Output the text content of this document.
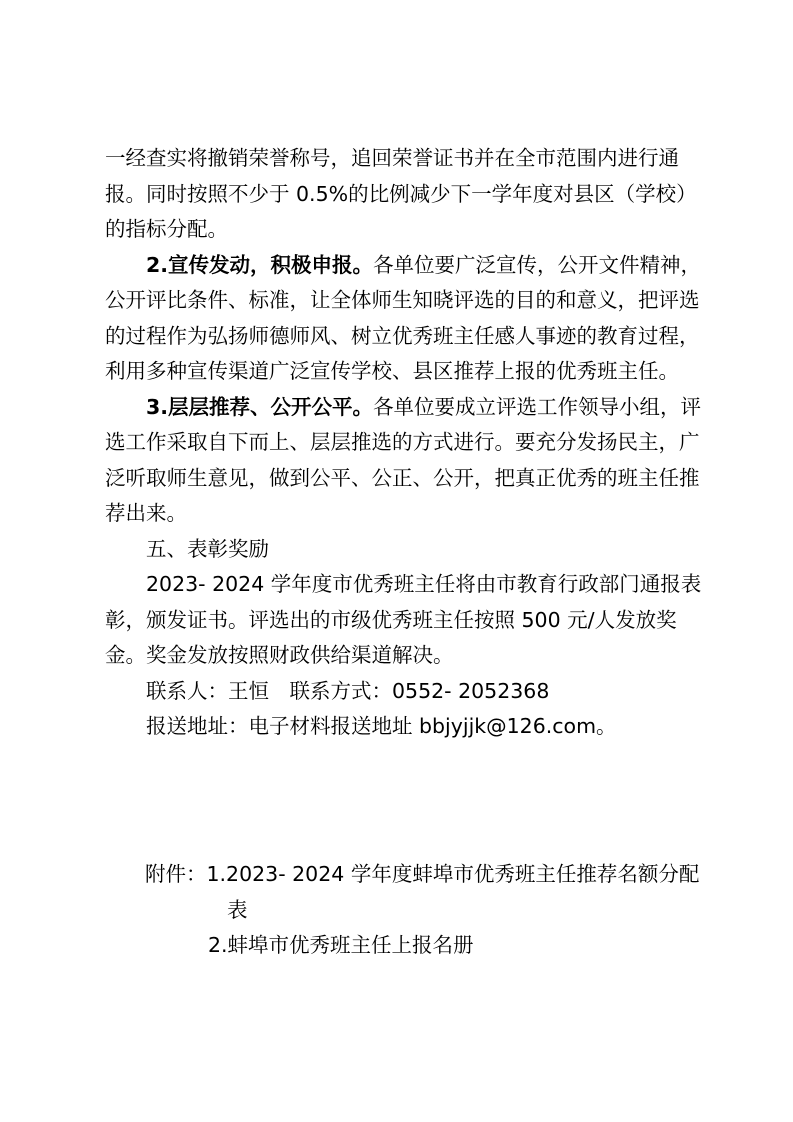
一经查实将撤销荣誉称号，追回荣誉证书并在全市范围内进行通报。同时按照不少于 0.5%的比例减少下一学年度对县区（学校）的指标分配。

2.宣传发动，积极申报。各单位要广泛宣传，公开文件精神，公开评比条件、标准，让全体师生知晓评选的目的和意义，把评选的过程作为弘扬师德师风、树立优秀班主任感人事迹的教育过程，利用多种宣传渠道广泛宣传学校、县区推荐上报的优秀班主任。

3.层层推荐、公开公平。各单位要成立评选工作领导小组，评选工作采取自下而上、层层推选的方式进行。要充分发扬民主，广泛听取师生意见，做到公平、公正、公开，把真正优秀的班主任推荐出来。

五、表彰奖励

2023- 2024 学年度市优秀班主任将由市教育行政部门通报表彰，颁发证书。评选出的市级优秀班主任按照 500 元/人发放奖金。奖金发放按照财政供给渠道解决。

联系人：王恒　联系方式：0552- 2052368

报送地址：电子材料报送地址 bbjyjjk@126.com。

附件：1.2023- 2024 学年度蚌埠市优秀班主任推荐名额分配表

2.蚌埠市优秀班主任上报名册
